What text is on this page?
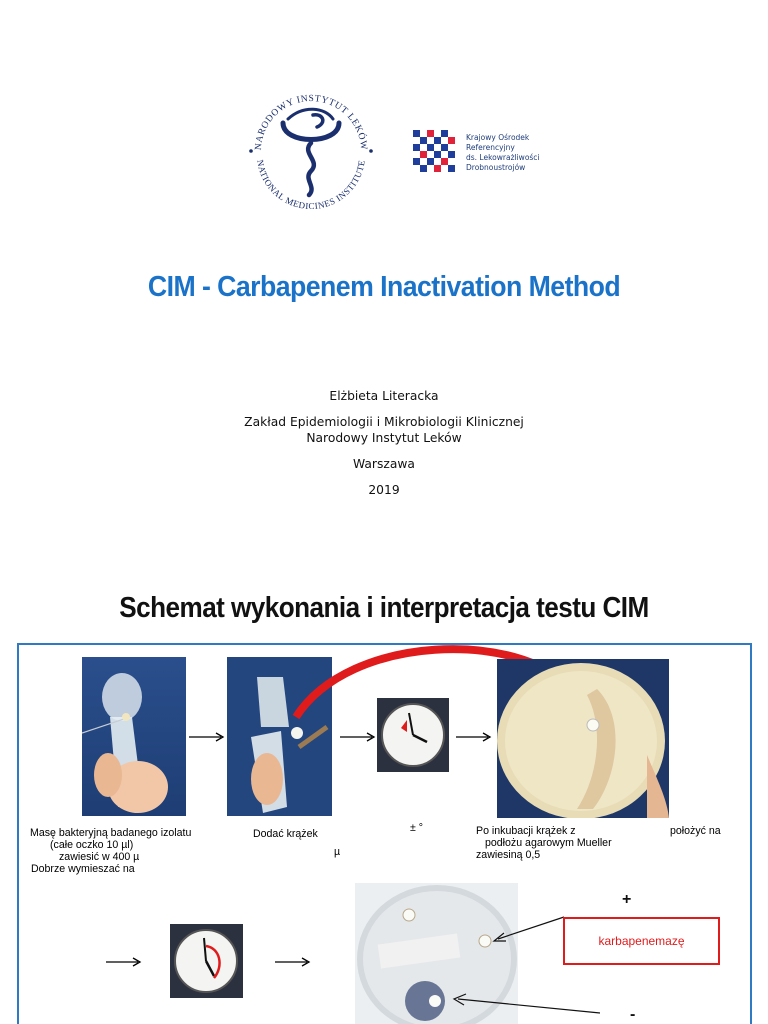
NARODOWY INSTYTUT LEKÓW
NATIONAL MEDICINES INSTITUTE
Krajowy Ośrodek
Referencyjny
ds. Lekowrażliwości
Drobnoustrojów
CIM - Carbapenem Inactivation Method
Elżbieta Literacka
Zakład Epidemiologii i Mikrobiologii Klinicznej
Narodowy Instytut Leków
Warszawa
2019
Schemat wykonania i interpretacja testu CIM
Masę bakteryjną badanego izolatu
(całe oczko 10 µl)
zawiesić w 400 µ
Dobrze wymieszać na
Dodać krążek
µ
± °	Po inkubacji krążek z
podłożu agarowym Mueller
zawiesiną 0,5
położyć na
+
-
karbapenemazę
